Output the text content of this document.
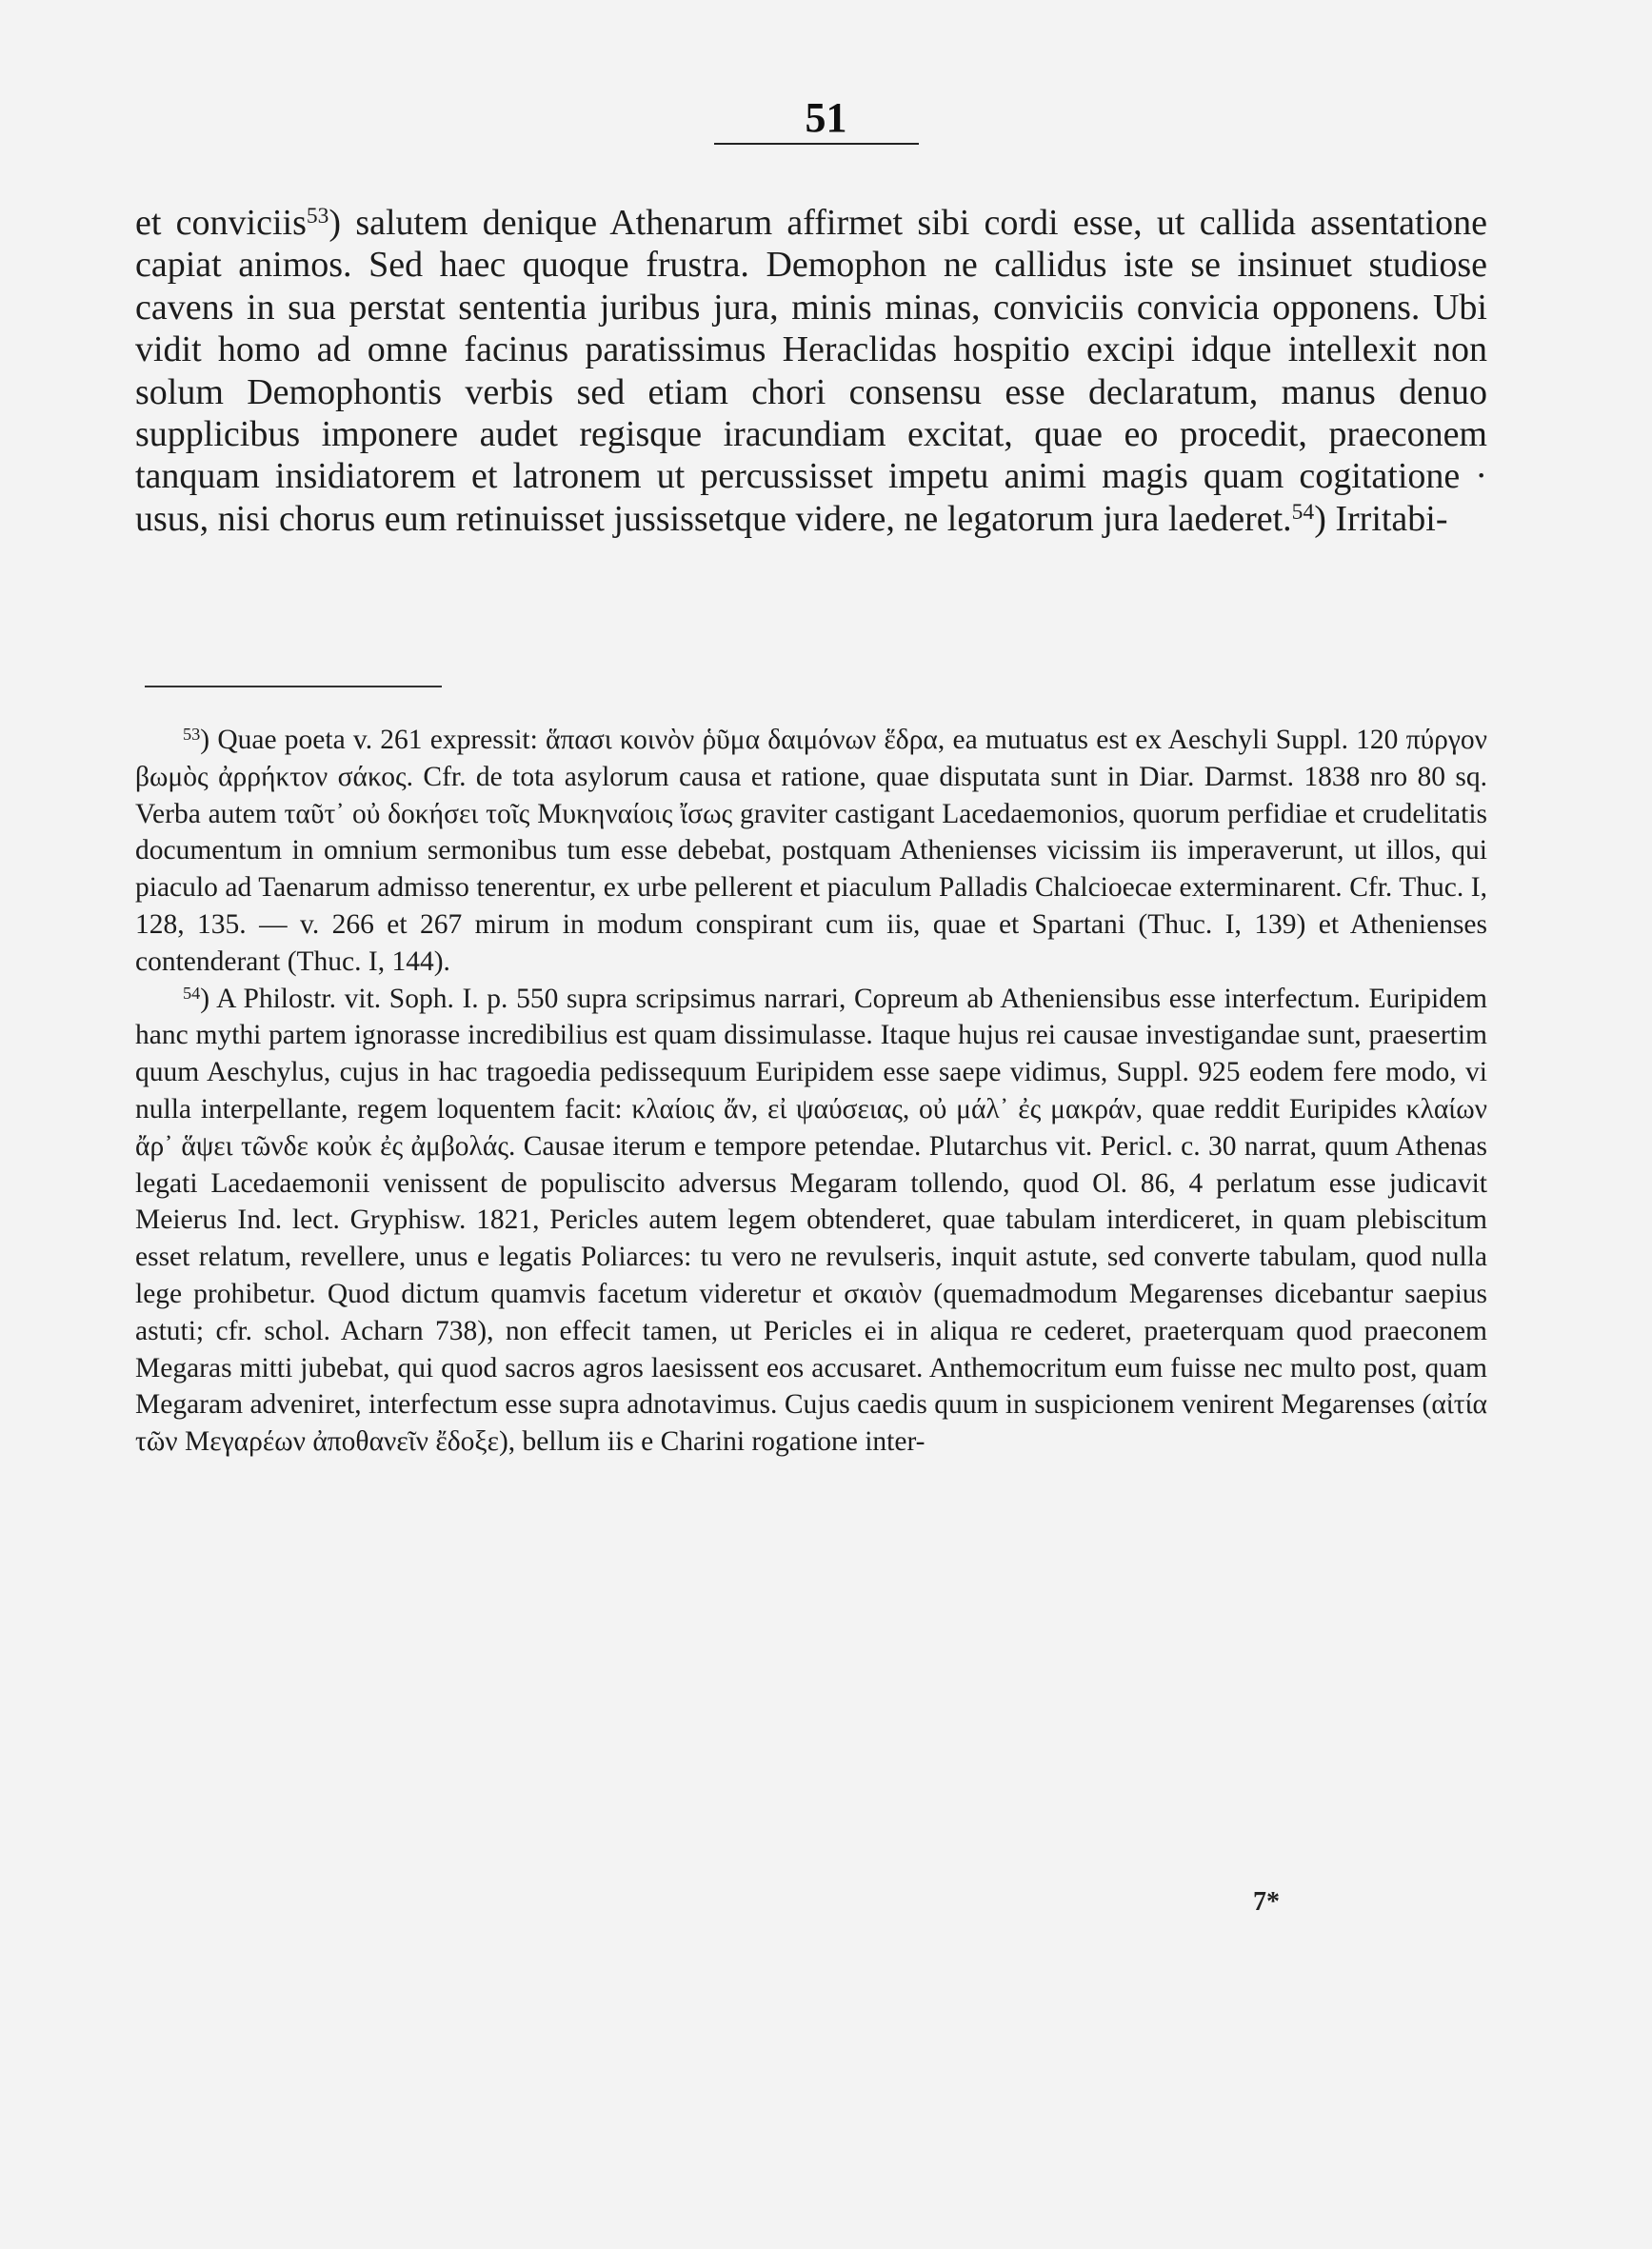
51

et conviciis$^{53}$) salutem denique Athenarum affirmet sibi cordi esse, ut callida assentatione capiat animos. Sed haec quoque frustra. Demophon ne callidus iste se insinuet studiose cavens in sua perstat sententia juribus jura, minis minas, conviciis convicia opponens. Ubi vidit homo ad omne facinus paratissimus Heraclidas hospitio excipi idque intellexit non solum Demophontis verbis sed etiam chori consensu esse declaratum, manus denuo supplicibus imponere audet regisque iracundiam excitat, quae eo procedit, praeconem tanquam insidiatorem et latronem ut percussisset impetu animi magis quam cogitatione · usus, nisi chorus eum retinuisset jussissetque videre, ne legatorum jura laederet.$^{54}$) Irritabi-

$^{53}$) Quae poeta v. 261 expressit: ἅπασι κοινὸν ῥῦμα δαιμόνων ἕδρα, ea mutuatus est ex Aeschyli Suppl. 120 πύργον βωμὸς ἀρρήκτον σάκος. Cfr. de tota asylorum causa et ratione, quae disputata sunt in Diar. Darmst. 1838 nro 80 sq. Verba autem ταῦτ᾽ οὐ δοκήσει τοῖς Μυκηναίοις ἴσως graviter castigant Lacedaemonios, quorum perfidiae et crudelitatis documentum in omnium sermonibus tum esse debebat, postquam Athenienses vicissim iis imperaverunt, ut illos, qui piaculo ad Taenarum admisso tenerentur, ex urbe pellerent et piaculum Palladis Chalcioecae exterminarent. Cfr. Thuc. I, 128, 135. — v. 266 et 267 mirum in modum conspirant cum iis, quae et Spartani (Thuc. I, 139) et Athenienses contenderant (Thuc. I, 144).

$^{54}$) A Philostr. vit. Soph. I. p. 550 supra scripsimus narrari, Copreum ab Atheniensibus esse interfectum. Euripidem hanc mythi partem ignorasse incredibilius est quam dissimulasse. Itaque hujus rei causae investigandae sunt, praesertim quum Aeschylus, cujus in hac tragoedia pedissequum Euripidem esse saepe vidimus, Suppl. 925 eodem fere modo, vi nulla interpellante, regem loquentem facit: κλαίοις ἄν, εἰ ψαύσειας, οὐ μάλ᾽ ἐς μακράν, quae reddit Euripides κλαίων ἄρ᾽ ἅψει τῶνδε κοὐκ ἐς ἀμβολάς. Causae iterum e tempore petendae. Plutarchus vit. Pericl. c. 30 narrat, quum Athenas legati Lacedaemonii venissent de populiscito adversus Megaram tollendo, quod Ol. 86, 4 perlatum esse judicavit Meierus Ind. lect. Gryphisw. 1821, Pericles autem legem obtenderet, quae tabulam interdiceret, in quam plebiscitum esset relatum, revellere, unus e legatis Poliarces: tu vero ne revulseris, inquit astute, sed converte tabulam, quod nulla lege prohibetur. Quod dictum quamvis facetum videretur et σκαιὸν (quemadmodum Megarenses dicebantur saepius astuti; cfr. schol. Acharn 738), non effecit tamen, ut Pericles ei in aliqua re cederet, praeterquam quod praeconem Megaras mitti jubebat, qui quod sacros agros laesissent eos accusaret. Anthemocritum eum fuisse nec multo post, quam Megaram adveniret, interfectum esse supra adnotavimus. Cujus caedis quum in suspicionem venirent Megarenses (αἰτία τῶν Μεγαρέων ἀποθανεῖν ἔδοξε), bellum iis e Charini rogatione inter-

7*
